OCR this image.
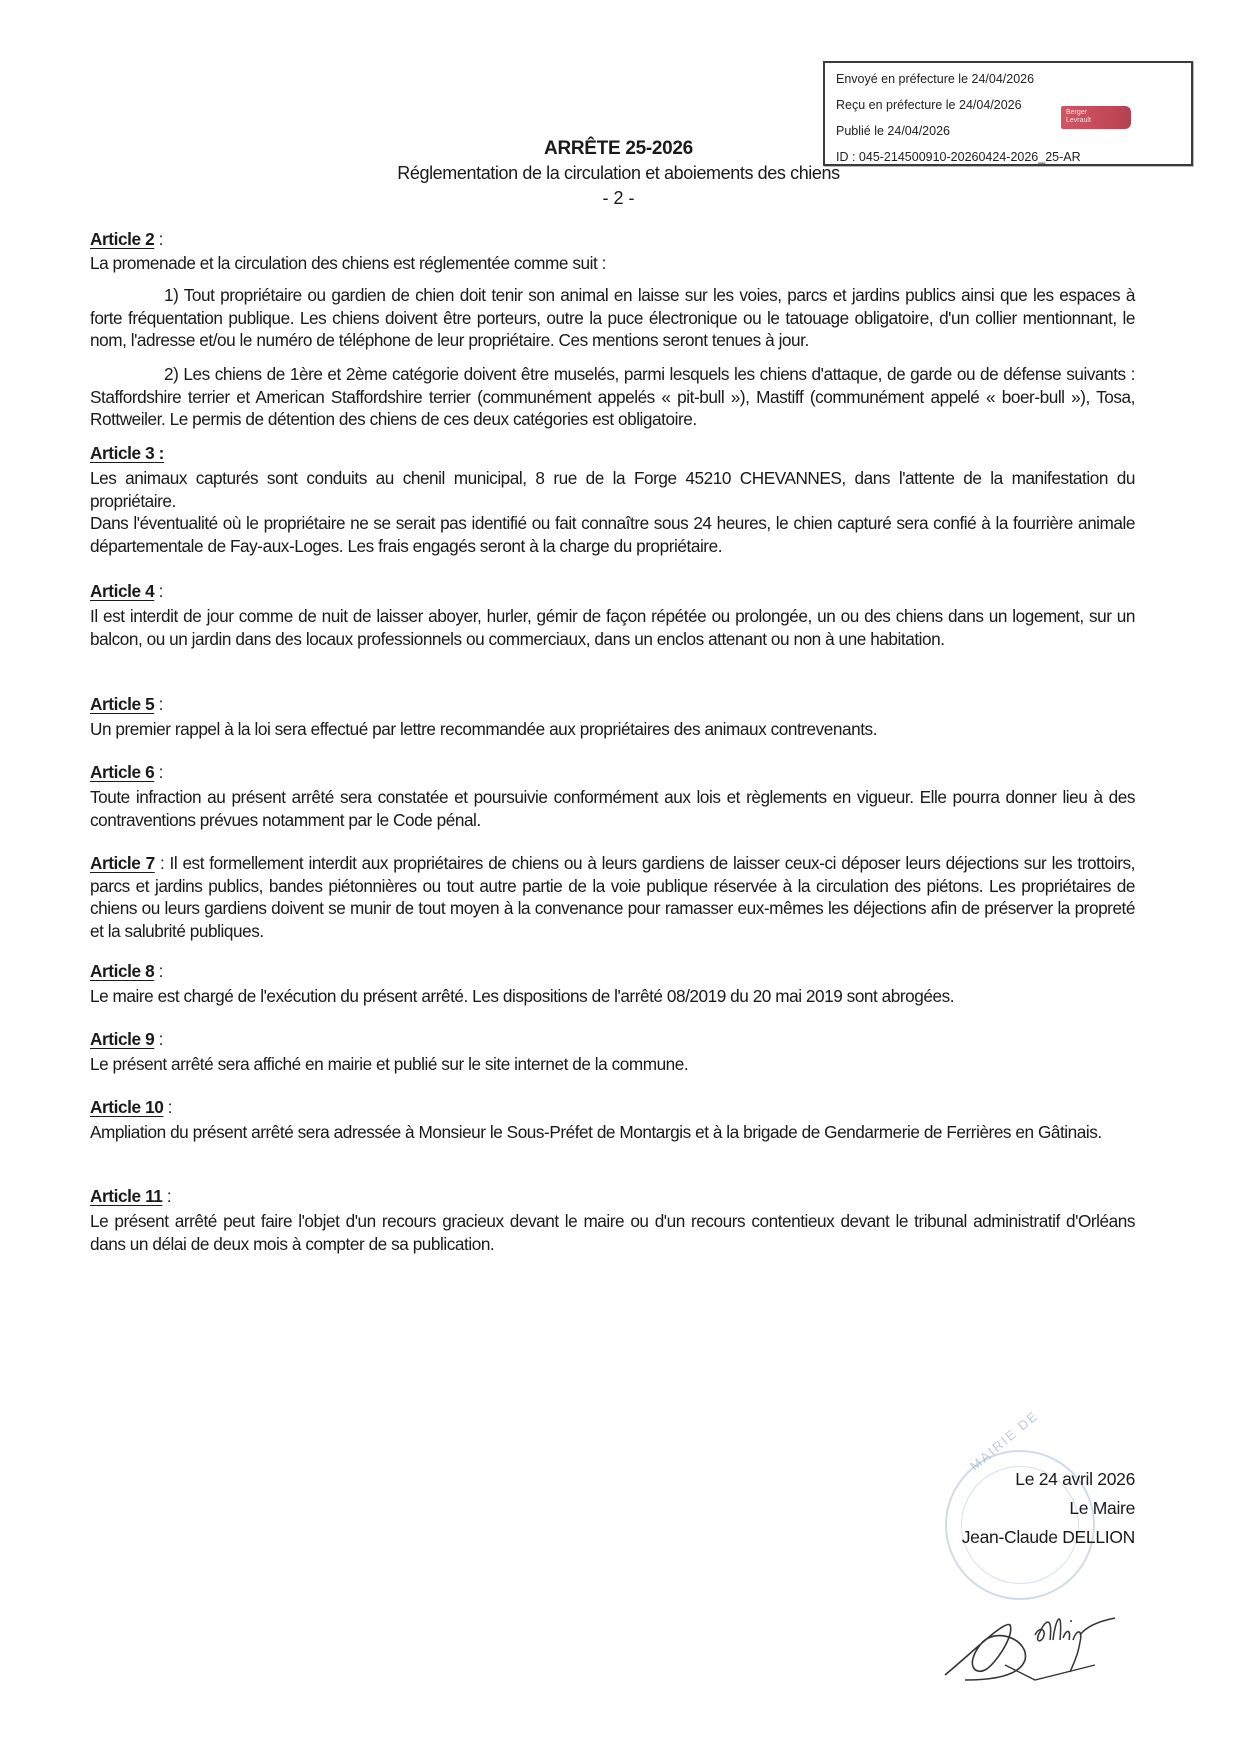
Envoyé en préfecture le 24/04/2026
Reçu en préfecture le 24/04/2026
Publié le 24/04/2026
ID : 045-214500910-20260424-2026_25-AR
Berger
Levrault
ARRÊTE 25-2026
Réglementation de la circulation et aboiements des chiens
- 2 -
Article 2 :
La promenade et la circulation des chiens est réglementée comme suit :
1) Tout propriétaire ou gardien de chien doit tenir son animal en laisse sur les voies, parcs et jardins publics ainsi que les espaces à forte fréquentation publique. Les chiens doivent être porteurs, outre la puce électronique ou le tatouage obligatoire, d'un collier mentionnant, le nom, l'adresse et/ou le numéro de téléphone de leur propriétaire. Ces mentions seront tenues à jour.
2) Les chiens de 1ère et 2ème catégorie doivent être muselés, parmi lesquels les chiens d'attaque, de garde ou de défense suivants : Staffordshire terrier et American Staffordshire terrier (communément appelés « pit-bull »), Mastiff (communément appelé « boer-bull »), Tosa, Rottweiler. Le permis de détention des chiens de ces deux catégories est obligatoire.
Article 3 :
Les animaux capturés sont conduits au chenil municipal, 8 rue de la Forge 45210 CHEVANNES, dans l'attente de la manifestation du propriétaire.
Dans l'éventualité où le propriétaire ne se serait pas identifié ou fait connaître sous 24 heures, le chien capturé sera confié à la fourrière animale départementale de Fay-aux-Loges. Les frais engagés seront à la charge du propriétaire.
Article 4 :
Il est interdit de jour comme de nuit de laisser aboyer, hurler, gémir de façon répétée ou prolongée, un ou des chiens dans un logement, sur un balcon, ou un jardin dans des locaux professionnels ou commerciaux, dans un enclos attenant ou non à une habitation.
Article 5 :
Un premier rappel à la loi sera effectué par lettre recommandée aux propriétaires des animaux contrevenants.
Article 6 :
Toute infraction au présent arrêté sera constatée et poursuivie conformément aux lois et règlements en vigueur. Elle pourra donner lieu à des contraventions prévues notamment par le Code pénal.
Article 7 : Il est formellement interdit aux propriétaires de chiens ou à leurs gardiens de laisser ceux-ci déposer leurs déjections sur les trottoirs, parcs et jardins publics, bandes piétonnières ou tout autre partie de la voie publique réservée à la circulation des piétons. Les propriétaires de chiens ou leurs gardiens doivent se munir de tout moyen à la convenance pour ramasser eux-mêmes les déjections afin de préserver la propreté et la salubrité publiques.
Article 8 :
Le maire est chargé de l'exécution du présent arrêté. Les dispositions de l'arrêté 08/2019 du 20 mai 2019 sont abrogées.
Article 9 :
Le présent arrêté sera affiché en mairie et publié sur le site internet de la commune.
Article 10 :
Ampliation du présent arrêté sera adressée à Monsieur le Sous-Préfet de Montargis et à la brigade de Gendarmerie de Ferrières en Gâtinais.
Article 11 :
Le présent arrêté peut faire l'objet d'un recours gracieux devant le maire ou d'un recours contentieux devant le tribunal administratif d'Orléans dans un délai de deux mois à compter de sa publication.
MAIRIE DE
Le 24 avril 2026
Le Maire
Jean-Claude DELLION
